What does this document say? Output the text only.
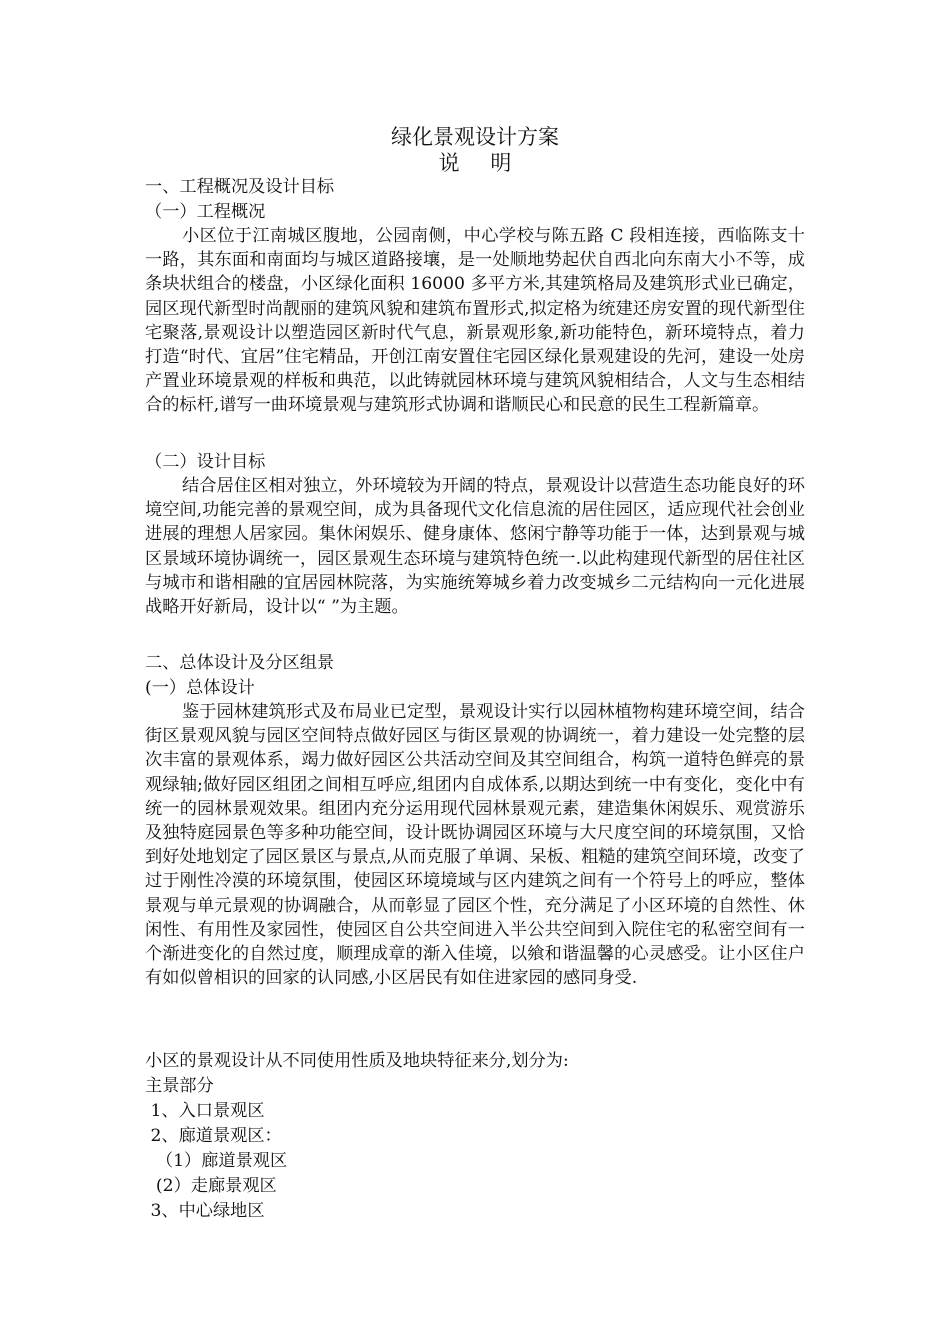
绿化景观设计方案
说 明
一、工程概况及设计目标
（一）工程概况
小区位于江南城区腹地，公园南侧，中心学校与陈五路 C 段相连接，西临陈支十一路，其东面和南面均与城区道路接壤，是一处顺地势起伏自西北向东南大小不等，成条块状组合的楼盘，小区绿化面积 16000 多平方米,其建筑格局及建筑形式业已确定，园区现代新型时尚靓丽的建筑风貌和建筑布置形式,拟定格为统建还房安置的现代新型住宅聚落,景观设计以塑造园区新时代气息，新景观形象,新功能特色，新环境特点，着力打造“时代、宜居”住宅精品，开创江南安置住宅园区绿化景观建设的先河，建设一处房产置业环境景观的样板和典范，以此铸就园林环境与建筑风貌相结合，人文与生态相结合的标杆,谱写一曲环境景观与建筑形式协调和谐顺民心和民意的民生工程新篇章。
（二）设计目标
结合居住区相对独立，外环境较为开阔的特点，景观设计以营造生态功能良好的环境空间,功能完善的景观空间，成为具备现代文化信息流的居住园区，适应现代社会创业进展的理想人居家园。集休闲娱乐、健身康体、悠闲宁静等功能于一体，达到景观与城区景域环境协调统一，园区景观生态环境与建筑特色统一.以此构建现代新型的居住社区与城市和谐相融的宜居园林院落，为实施统筹城乡着力改变城乡二元结构向一元化进展战略开好新局，设计以“ ”为主题。
二、总体设计及分区组景
(一）总体设计
鉴于园林建筑形式及布局业已定型，景观设计实行以园林植物构建环境空间，结合街区景观风貌与园区空间特点做好园区与街区景观的协调统一，着力建设一处完整的层次丰富的景观体系，竭力做好园区公共活动空间及其空间组合，构筑一道特色鲜亮的景观绿轴;做好园区组团之间相互呼应,组团内自成体系,以期达到统一中有变化，变化中有统一的园林景观效果。组团内充分运用现代园林景观元素，建造集休闲娱乐、观赏游乐及独特庭园景色等多种功能空间，设计既协调园区环境与大尺度空间的环境氛围，又恰到好处地划定了园区景区与景点,从而克服了单调、呆板、粗糙的建筑空间环境，改变了过于刚性冷漠的环境氛围，使园区环境境域与区内建筑之间有一个符号上的呼应，整体景观与单元景观的协调融合，从而彰显了园区个性，充分满足了小区环境的自然性、休闲性、有用性及家园性，使园区自公共空间进入半公共空间到入院住宅的私密空间有一个渐进变化的自然过度，顺理成章的渐入佳境，以飨和谐温馨的心灵感受。让小区住户有如似曾相识的回家的认同感,小区居民有如住进家园的感同身受.
小区的景观设计从不同使用性质及地块特征来分,划分为:
主景部分
1、入口景观区
2、廊道景观区：
（1）廊道景观区
(2）走廊景观区
3、中心绿地区
